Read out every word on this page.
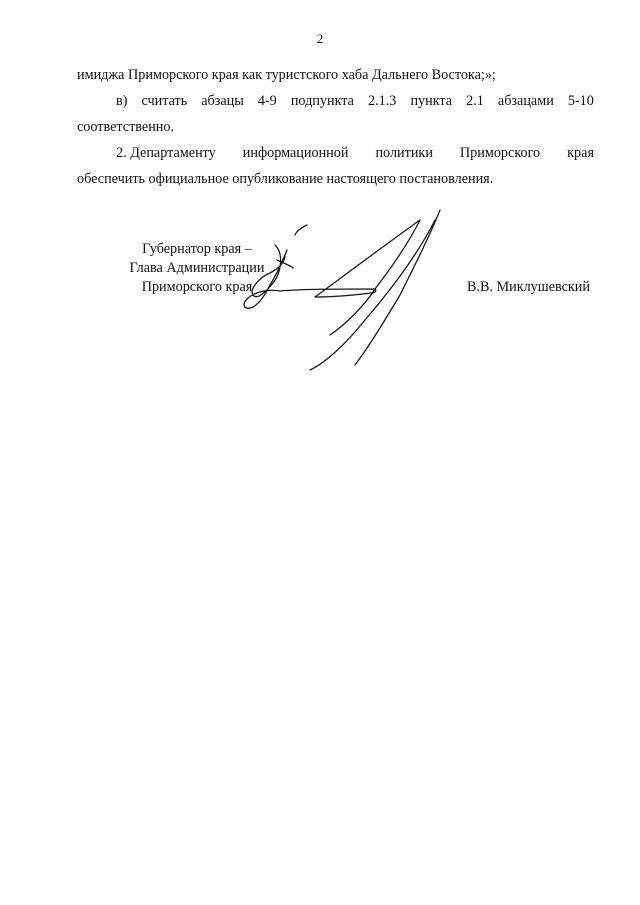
2
имиджа Приморского края как туристского хаба Дальнего Востока;»;
в) считать абзацы 4-9 подпункта 2.1.3 пункта 2.1 абзацами 5-10
соответственно.
2. Департаменту информационной политики Приморского края
обеспечить официальное опубликование настоящего постановления.
Губернатор края –
Глава Администрации
Приморского края	В.В. Миклушевский
